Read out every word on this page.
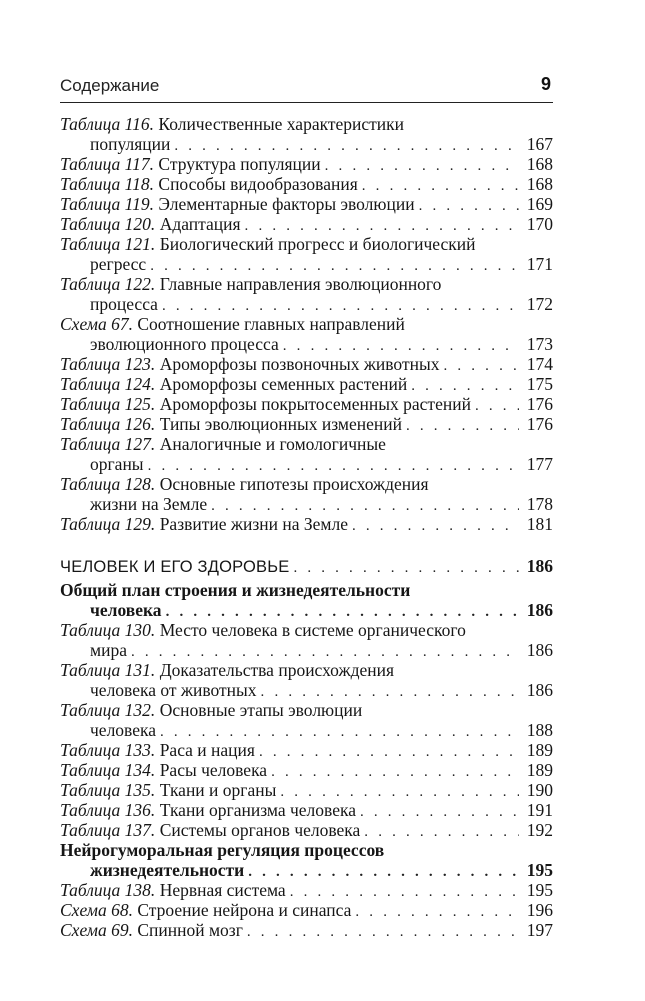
Содержание	9
Таблица 116.
Количественные характеристики
популяции . . .	167
Таблица 117.
Структура популяции . . .	168
Таблица 118.
Способы видообразования . . .	168
Таблица 119.
Элементарные факторы эволюции . . .	169
Таблица 120.
Адаптация . . .	170
Таблица 121.
Биологический прогресс и биологический
регресс . . .	171
Таблица 122.
Главные направления эволюционного
процесса . . .	172
Схема 67.
Соотношение главных направлений
эволюционного процесса . . .	173
Таблица 123.
Ароморфозы позвоночных животных . . .	174
Таблица 124.
Ароморфозы семенных растений . . .	175
Таблица 125.
Ароморфозы покрытосеменных растений . . .	176
Таблица 126.
Типы эволюционных изменений . . .	176
Таблица 127.
Аналогичные и гомологичные
органы . . .	177
Таблица 128.
Основные гипотезы происхождения
жизни на Земле . . .	178
Таблица 129.
Развитие жизни на Земле . . .	181
ЧЕЛОВЕК И ЕГО ЗДОРОВЬЕ . . .	186
Общий план строения и жизнедеятельности
человека . . .	186
Таблица 130.
Место человека в системе органического
мира . . .	186
Таблица 131.
Доказательства происхождения
человека от животных . . .	186
Таблица 132.
Основные этапы эволюции
человека . . .	188
Таблица 133.
Раса и нация . . .	189
Таблица 134.
Расы человека . . .	189
Таблица 135.
Ткани и органы . . .	190
Таблица 136.
Ткани организма человека . . .	191
Таблица 137.
Системы органов человека . . .	192
Нейрогуморальная регуляция процессов
жизнедеятельности . . .	195
Таблица 138.
Нервная система . . .	195
Схема 68.
Строение нейрона и синапса . . .	196
Схема 69.
Спинной мозг . . .	197
